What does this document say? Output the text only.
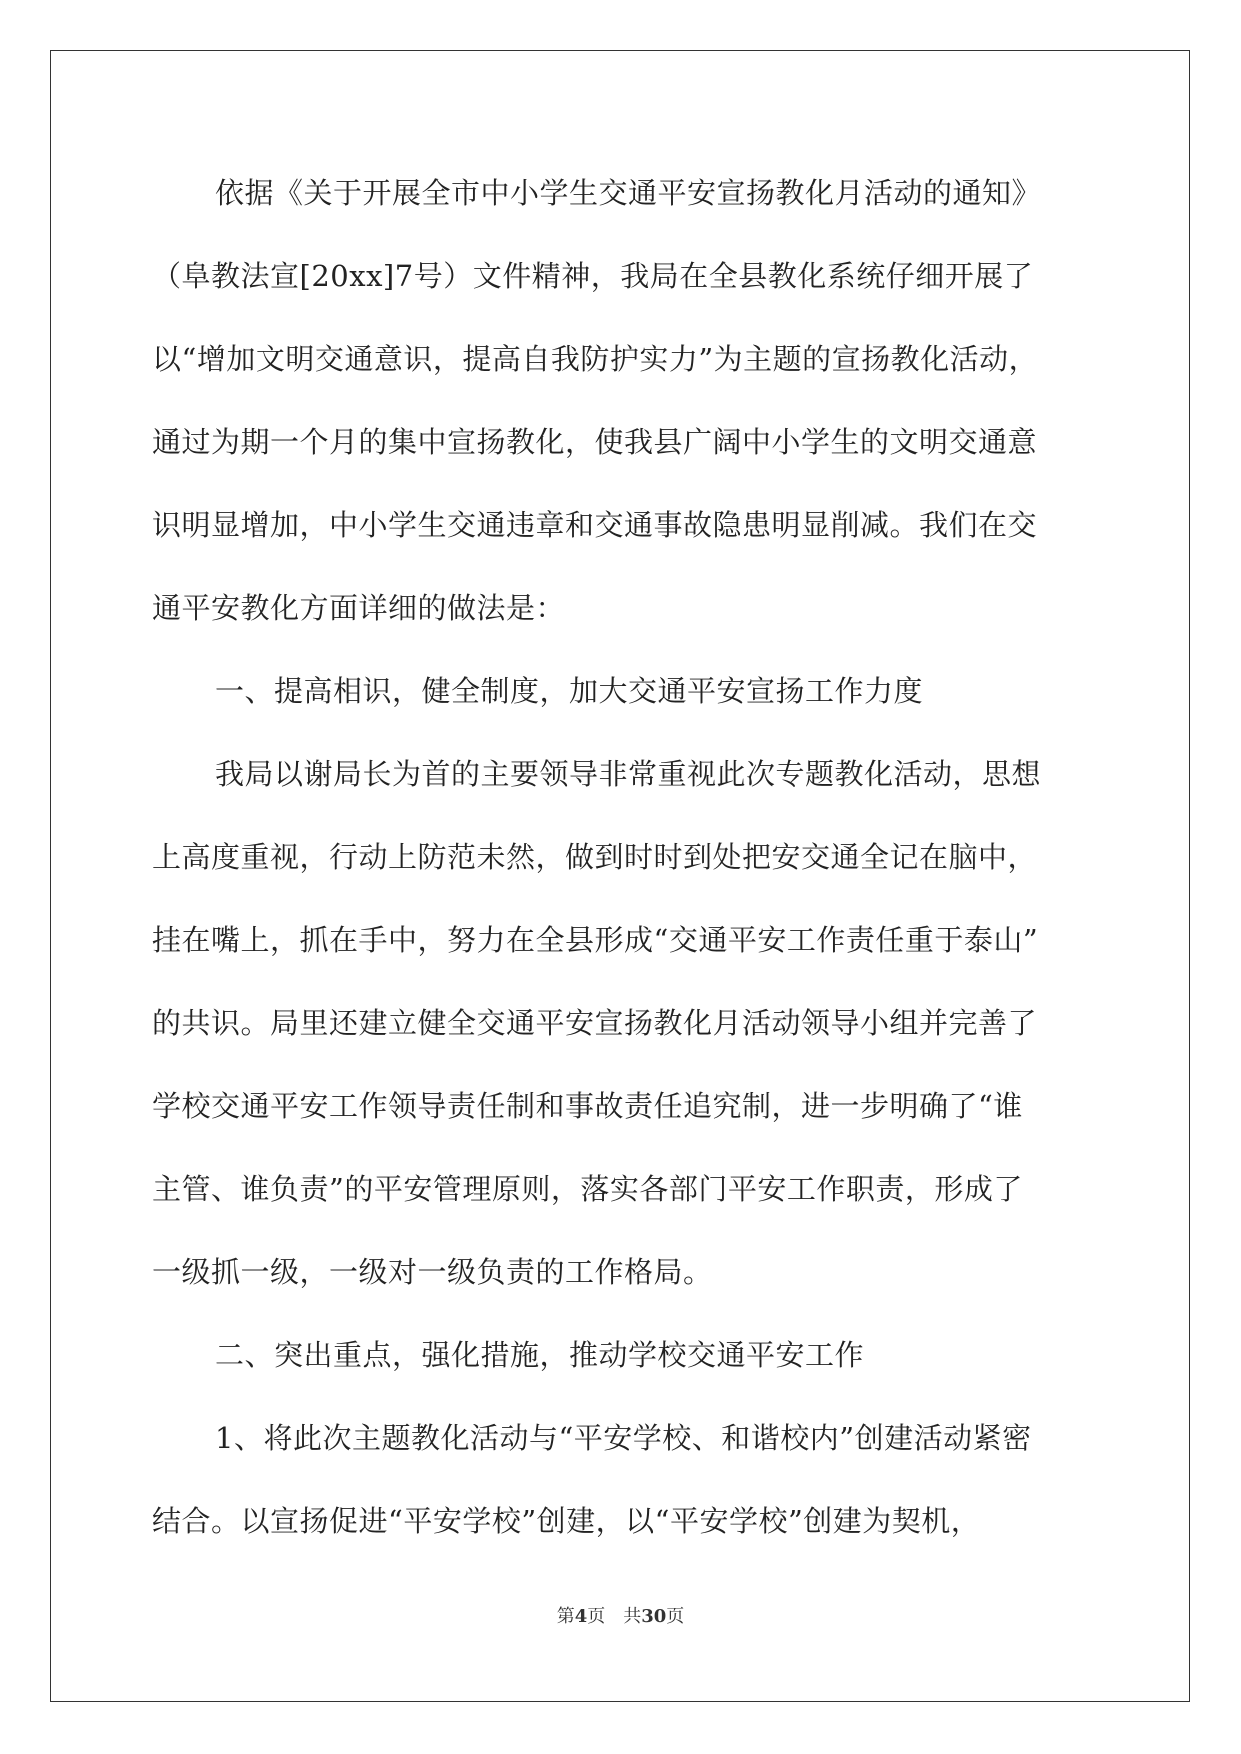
依据《关于开展全市中小学生交通平安宣扬教化月活动的通知》
（阜教法宣[20xx]7号）文件精神，我局在全县教化系统仔细开展了
以“增加文明交通意识，提高自我防护实力”为主题的宣扬教化活动，
通过为期一个月的集中宣扬教化，使我县广阔中小学生的文明交通意
识明显增加，中小学生交通违章和交通事故隐患明显削减。我们在交
通平安教化方面详细的做法是：
一、提高相识，健全制度，加大交通平安宣扬工作力度
我局以谢局长为首的主要领导非常重视此次专题教化活动，思想
上高度重视，行动上防范未然，做到时时到处把安交通全记在脑中，
挂在嘴上，抓在手中，努力在全县形成“交通平安工作责任重于泰山”
的共识。局里还建立健全交通平安宣扬教化月活动领导小组并完善了
学校交通平安工作领导责任制和事故责任追究制，进一步明确了“谁
主管、谁负责”的平安管理原则，落实各部门平安工作职责，形成了
一级抓一级，一级对一级负责的工作格局。
二、突出重点，强化措施，推动学校交通平安工作
1、将此次主题教化活动与“平安学校、和谐校内”创建活动紧密
结合。以宣扬促进“平安学校”创建，以“平安学校”创建为契机，
第4页 共30页
